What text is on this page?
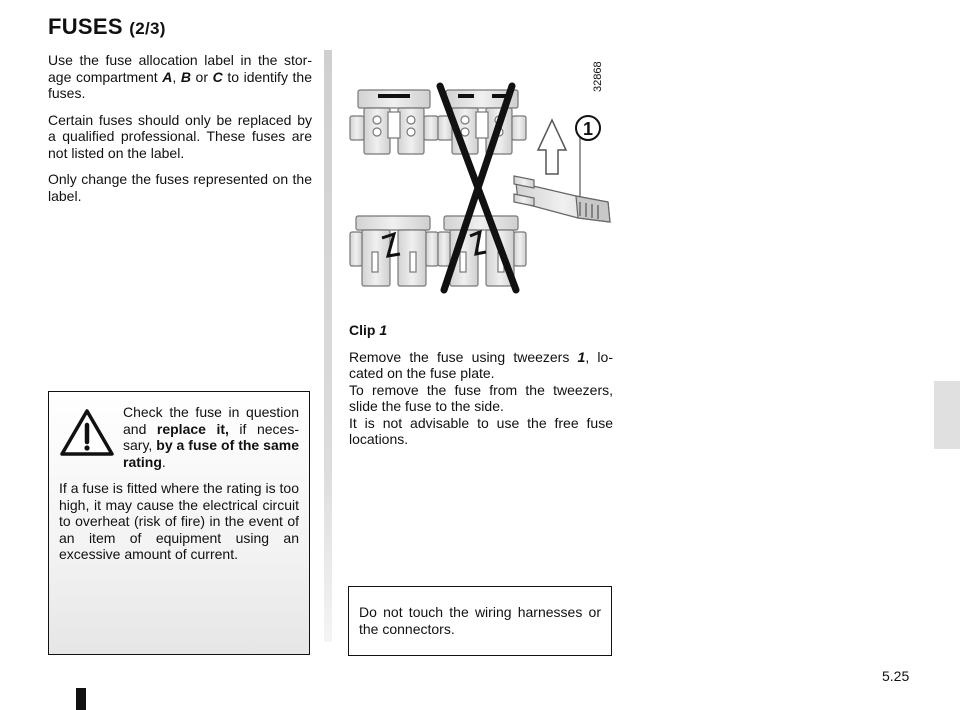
FUSES (2/3)

Use the fuse allocation label in the stor-age compartment A, B or C to identify the fuses.

Certain fuses should only be replaced by a qualified professional. These fuses are not listed on the label.

Only change the fuses represented on the label.

Check the fuse in question and replace it, if neces-sary, by a fuse of the same rating.
If a fuse is fitted where the rating is too high, it may cause the electrical circuit to overheat (risk of fire) in the event of an item of equipment using an excessive amount of current.
1
32868
Clip 1

Remove the fuse using tweezers 1, lo-cated on the fuse plate.

To remove the fuse from the tweezers, slide the fuse to the side.

It is not advisable to use the free fuse locations.

Do not touch the wiring harnesses or the connectors.
5.25
